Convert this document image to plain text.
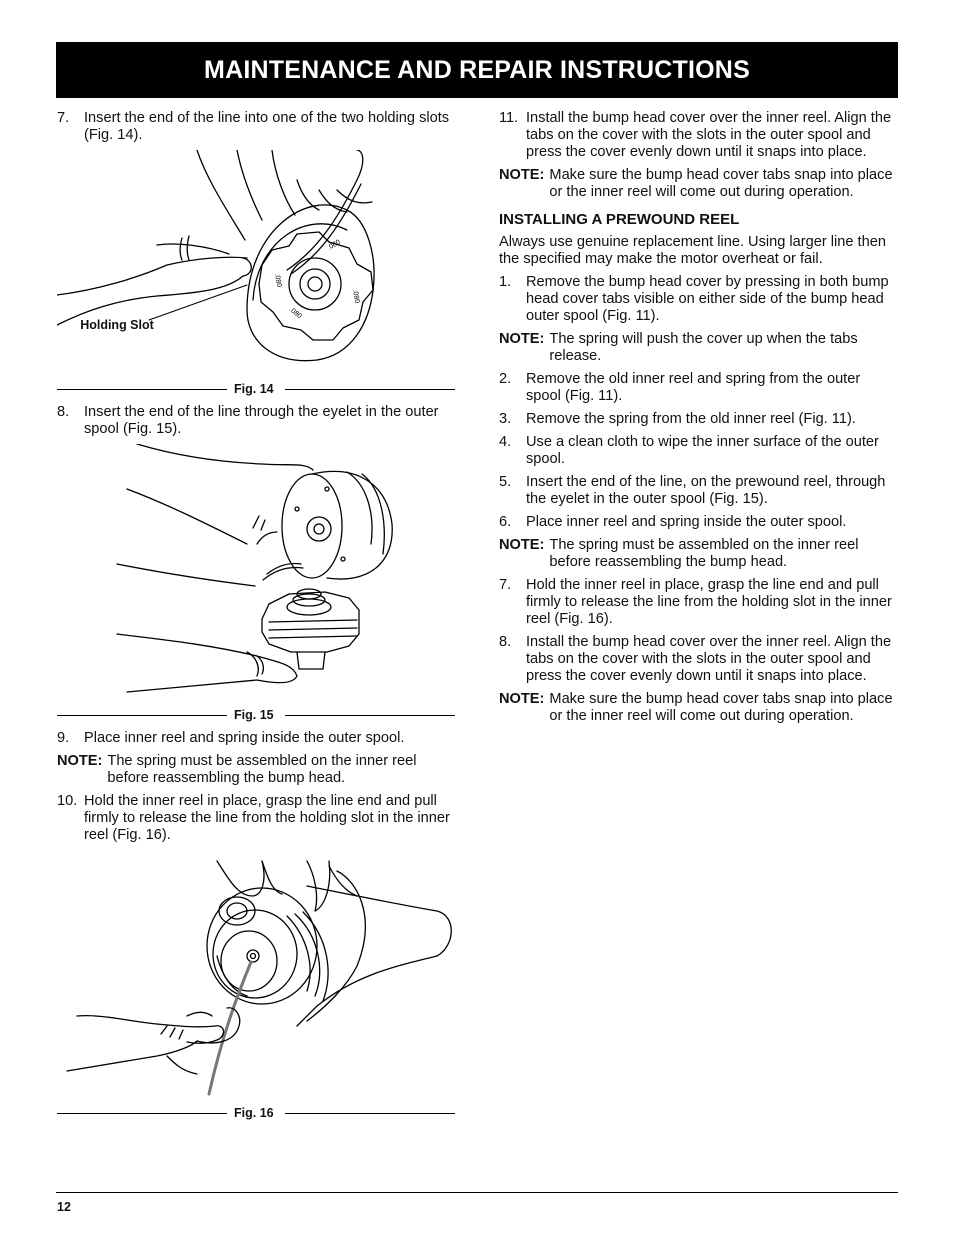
MAINTENANCE AND REPAIR INSTRUCTIONS
7.	Insert the end of the line into one of the two holding slots (Fig. 14).
.080
.080
.080
.080
Holding Slot
Fig. 14
8.	Insert the end of the line through the eyelet in the outer spool (Fig. 15).
Fig. 15
9.	Place inner reel and spring inside the outer spool.
NOTE: The spring must be assembled on the inner reel before reassembling the bump head.
10. Hold the inner reel in place, grasp the line end and pull firmly to release the line from the holding slot in the inner reel (Fig. 16).
Fig. 16
11. Install the bump head cover over the inner reel. Align the tabs on the cover with the slots in the outer spool and press the cover evenly down until it snaps into place.
NOTE: Make sure the bump head cover tabs snap into place or the inner reel will come out during operation.
INSTALLING A PREWOUND REEL
Always use genuine replacement line. Using larger line then the specified may make the motor overheat or fail.
1.	Remove the bump head cover by pressing in both bump head cover tabs visible on either side of the bump head outer spool (Fig. 11).
NOTE: The spring will push the cover up when the tabs release.
2.	Remove the old inner reel and spring from the outer spool (Fig. 11).
3.	Remove the spring from the old inner reel (Fig. 11).
4.	Use a clean cloth to wipe the inner surface of the outer spool.
5.	Insert the end of the line, on the prewound reel, through the eyelet in the outer spool (Fig. 15).
6.	Place inner reel and spring inside the outer spool.
NOTE: The spring must be assembled on the inner reel before reassembling the bump head.
7.	Hold the inner reel in place, grasp the line end and pull firmly to release the line from the holding slot in the inner reel (Fig. 16).
8.	Install the bump head cover over the inner reel. Align the tabs on the cover with the slots in the outer spool and press the cover evenly down until it snaps into place.
NOTE: Make sure the bump head cover tabs snap into place or the inner reel will come out during operation.
12
